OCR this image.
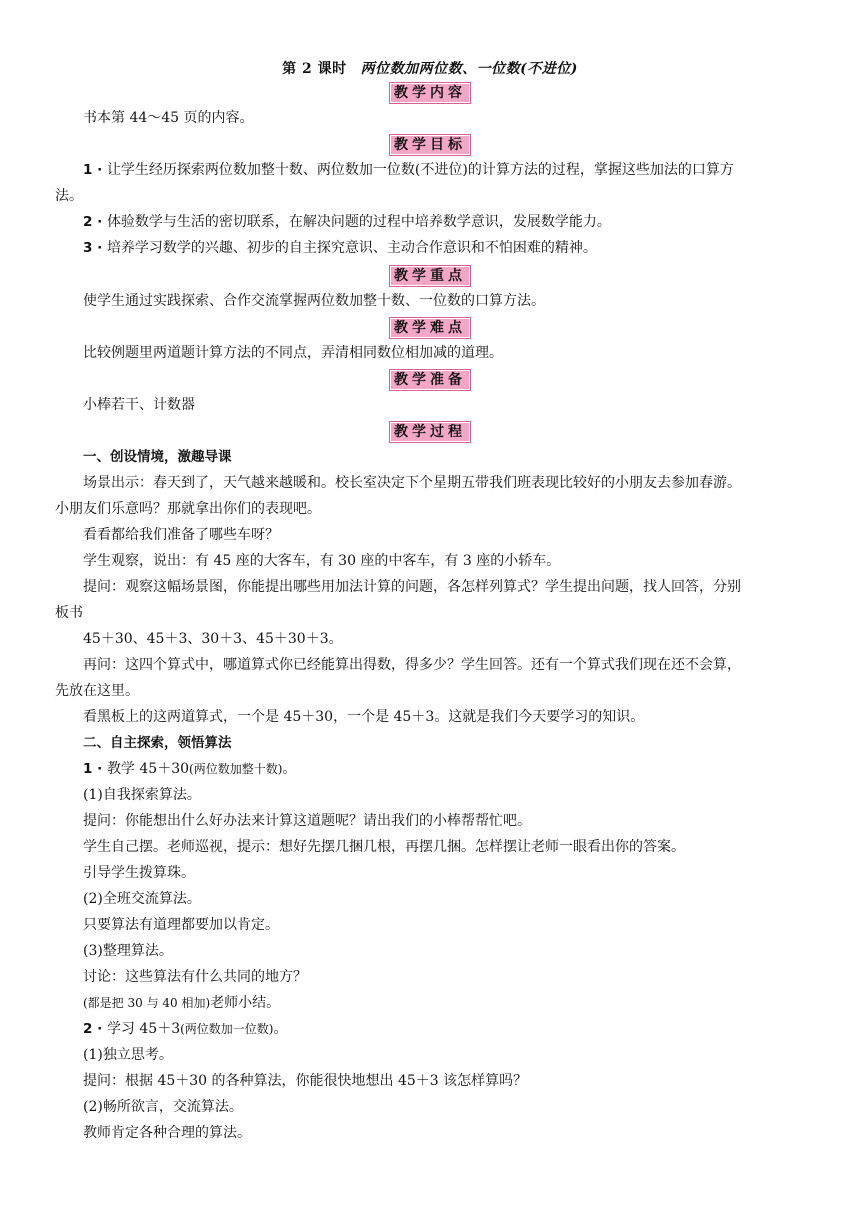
第 2 课时 两位数加两位数、一位数(不进位)
教学内容
书本第 44～45 页的内容。
教学目标
1 · 让学生经历探索两位数加整十数、两位数加一位数(不进位)的计算方法的过程，掌握这些加法的口算方
法。
2 · 体验数学与生活的密切联系，在解决问题的过程中培养数学意识，发展数学能力。
3 · 培养学习数学的兴趣、初步的自主探究意识、主动合作意识和不怕困难的精神。
教学重点
使学生通过实践探索、合作交流掌握两位数加整十数、一位数的口算方法。
教学难点
比较例题里两道题计算方法的不同点，弄清相同数位相加减的道理。
教学准备
小棒若干、计数器
教学过程
一、创设情境，激趣导课
场景出示：春天到了，天气越来越暖和。校长室决定下个星期五带我们班表现比较好的小朋友去参加春游。
小朋友们乐意吗？那就拿出你们的表现吧。
看看都给我们准备了哪些车呀？
学生观察，说出：有 45 座的大客车，有 30 座的中客车，有 3 座的小轿车。
提问：观察这幅场景图，你能提出哪些用加法计算的问题，各怎样列算式？学生提出问题，找人回答，分别
板书
45＋30、45＋3、30＋3、45＋30＋3。
再问：这四个算式中，哪道算式你已经能算出得数，得多少？学生回答。还有一个算式我们现在还不会算，
先放在这里。
看黑板上的这两道算式，一个是 45＋30，一个是 45＋3。这就是我们今天要学习的知识。
二、自主探索，领悟算法
1 · 教学 45＋30(两位数加整十数)。
(1)自我探索算法。
提问：你能想出什么好办法来计算这道题呢？请出我们的小棒帮帮忙吧。
学生自己摆。老师巡视，提示：想好先摆几捆几根，再摆几捆。怎样摆让老师一眼看出你的答案。
引导学生拨算珠。
(2)全班交流算法。
只要算法有道理都要加以肯定。
(3)整理算法。
讨论：这些算法有什么共同的地方？
(都是把 30 与 40 相加)老师小结。
2 · 学习 45＋3(两位数加一位数)。
(1)独立思考。
提问：根据 45＋30 的各种算法，你能很快地想出 45＋3 该怎样算吗？
(2)畅所欲言，交流算法。
教师肯定各种合理的算法。
